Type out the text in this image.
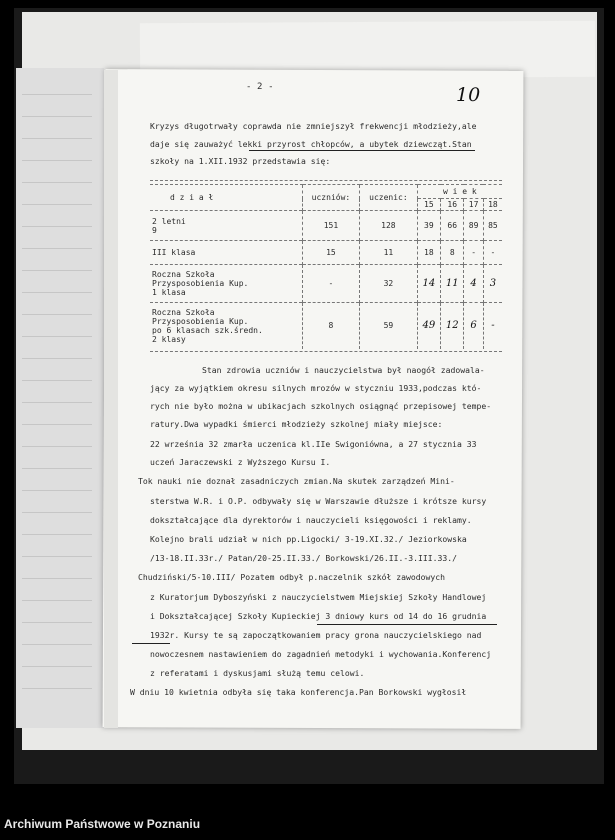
- 2 -	10
Kryzys długotrwały coprawda nie zmniejszył frekwencji młodzieży,ale
daje się zauważyć lekki przyrost chłopców, a ubytek dziewcząt.Stan
szkoły na 1.XII.1932 przedstawia się:
d z i a ł	uczniów:	uczenic:	w i e k			
			15	16	17	18
2 letni
9	151	128	39	66	89	85
III klasa	15	11	18	8	-	-
Roczna Szkoła
Przysposobienia Kup.
1 klasa	-	32	14	11	4	3
Roczna Szkoła
Przysposobienia Kup.
po 6 klasach szk.średn.
2 klasy	8	59	49	12	6	-
Stan zdrowia uczniów i nauczycielstwa był naogół zadowala-
jący za wyjątkiem okresu silnych mrozów w styczniu 1933,podczas któ-
rych nie było można w ubikacjach szkolnych osiągnąć przepisowej tempe-
ratury.Dwa wypadki śmierci młodzieży szkolnej miały miejsce:
22 września 32 zmarła uczenica kl.IIe Swigoniówna, a 27 stycznia 33
uczeń Jaraczewski z Wyższego Kursu I.
Tok nauki nie doznał zasadniczych zmian.Na skutek zarządzeń Mini-
sterstwa W.R. i O.P. odbywały się w Warszawie dłuższe i krótsze kursy
dokształcające dla dyrektorów i nauczycieli księgowości i reklamy.
Kolejno brali udział w nich pp.Ligocki/ 3-19.XI.32./ Jeziorkowska
/13-18.II.33r./ Patan/20-25.II.33./ Borkowski/26.II.-3.III.33./
Chudziński/5-10.III/ Pozatem odbył p.naczelnik szkół zawodowych
z Kuratorjum Dyboszyński z nauczycielstwem Miejskiej Szkoły Handlowej
i Dokształcającej Szkoły Kupieckiej 3 dniowy kurs od 14 do 16 grudnia
1932r. Kursy te są zapoczątkowaniem pracy grona nauczycielskiego nad
nowoczesnem nastawieniem do zagadnień metodyki i wychowania.Konferencj
z referatami i dyskusjami służą temu celowi.
W dniu 10 kwietnia odbyła się taka konferencja.Pan Borkowski wygłosił
Archiwum Państwowe w Poznaniu
